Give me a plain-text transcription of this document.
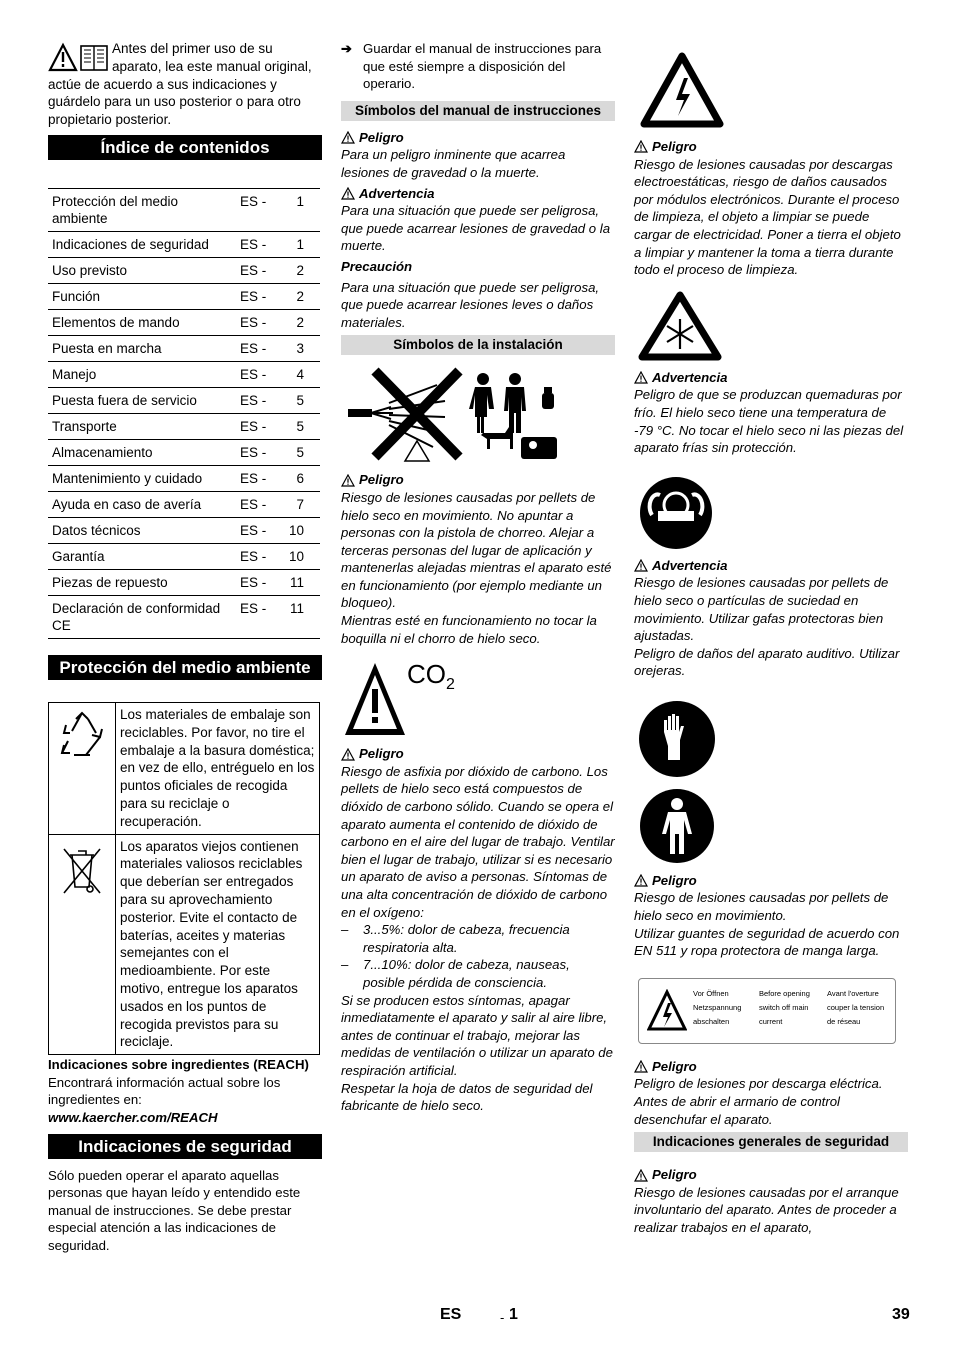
Antes del primer uso de su aparato, lea este manual original, actúe de acuerdo a sus indicaciones y guárdelo para un uso posterior o para otro propietario posterior.

Índice de contenidos
Protección del medio ambiente	ES -	1
Indicaciones de seguridad	ES -	1
Uso previsto	ES -	2
Función	ES -	2
Elementos de mando	ES -	2
Puesta en marcha	ES -	3
Manejo	ES -	4
Puesta fuera de servicio	ES -	5
Transporte	ES -	5
Almacenamiento	ES -	5
Mantenimiento y cuidado	ES -	6
Ayuda en caso de avería	ES -	7
Datos técnicos	ES -	10
Garantía	ES -	10
Piezas de repuesto	ES -	11
Declaración de conformidad CE	ES -	11
Protección del medio ambiente
	Los materiales de embalaje son reciclables. Por favor, no tire el embalaje a la basura doméstica; en vez de ello, entréguelo en los puntos oficiales de recogida para su reciclaje o recuperación.
	Los aparatos viejos contienen materiales valiosos reciclables que deberían ser entregados para su aprovechamiento posterior. Evite el contacto de baterías, aceites y materias semejantes con el medioambiente. Por este motivo, entregue los aparatos usados en los puntos de recogida previstos para su reciclaje.

Indicaciones sobre ingredientes (REACH)

Encontrará información actual sobre los ingredientes en:

www.kaercher.com/REACH

Indicaciones de seguridad

Sólo pueden operar el aparato aquellas personas que hayan leído y entendido este manual de instrucciones. Se debe prestar especial atención a las indicaciones de seguridad.

➔ Guardar el manual de instrucciones para que esté siempre a disposición del operario.

Símbolos del manual de instrucciones
Peligro

Para un peligro inminente que acarrea lesiones de gravedad o la muerte.

Advertencia

Para una situación que puede ser peligrosa, que puede acarrear lesiones de gravedad o la muerte.

Precaución

Para una situación que puede ser peligrosa, que puede acarrear lesiones leves o daños materiales.

Símbolos de la instalación
Peligro

Riesgo de lesiones causadas por pellets de hielo seco en movimiento. No apuntar a personas con la pistola de chorreo. Alejar a terceras personas del lugar de aplicación y mantenerlas alejadas mientras el aparato esté en funcionamiento (por ejemplo mediante un bloqueo).

Mientras esté en funcionamiento no tocar la boquilla ni el chorro de hielo seco.

$CO_2$
Peligro

Riesgo de asfixia por dióxido de carbono. Los pellets de hielo seco está compuestos de dióxido de carbono sólido. Cuando se opera el aparato aumenta el contenido de dióxido de carbono en el aire del lugar de trabajo. Ventilar bien el lugar de trabajo, utilizar si es necesario un aparato de aviso a personas. Síntomas de una alta concentración de dióxido de carbono en el oxígeno:

–	3...5%: dolor de cabeza, frecuencia respiratoria alta.
–	7...10%: dolor de cabeza, nauseas, posible pérdida de consciencia.

Si se producen estos síntomas, apagar inmediatamente el aparato y salir al aire libre, antes de continuar el trabajo, mejorar las medidas de ventilación o utilizar un aparato de respiración artificial.

Respetar la hoja de datos de seguridad del fabricante de hielo seco.

Peligro

Riesgo de lesiones causadas por descargas electroestáticas, riesgo de daños causados por módulos electrónicos. Durante el proceso de limpieza, el objeto a limpiar se puede cargar de electricidad. Poner a tierra el objeto a limpiar y mantener la toma a tierra durante todo el proceso de limpieza.

Advertencia

Peligro de que se produzcan quemaduras por frío. El hielo seco tiene una temperatura de -79 °C. No tocar el hielo seco ni las piezas del aparato frías sin protección.

Advertencia

Riesgo de lesiones causadas por pellets de hielo seco o partículas de suciedad en movimiento. Utilizar gafas protectoras bien ajustadas.

Peligro de daños del aparato auditivo. Utilizar orejeras.

Peligro

Riesgo de lesiones causadas por pellets de hielo seco en movimiento.

Utilizar guantes de seguridad de acuerdo con EN 511 y ropa protectora de manga larga.

Vor Öffnen
Netzspannung
abschalten
Before opening
switch off main
current
Avant l'overture
couper la tension
de réseau
Peligro

Peligro de lesiones por descarga eléctrica. Antes de abrir el armario de control desenchufar el aparato.

Indicaciones generales de seguridad
Peligro

Riesgo de lesiones causadas por el arranque involuntario del aparato. Antes de proceder a realizar trabajos en el aparato,

ES	- 1	39
